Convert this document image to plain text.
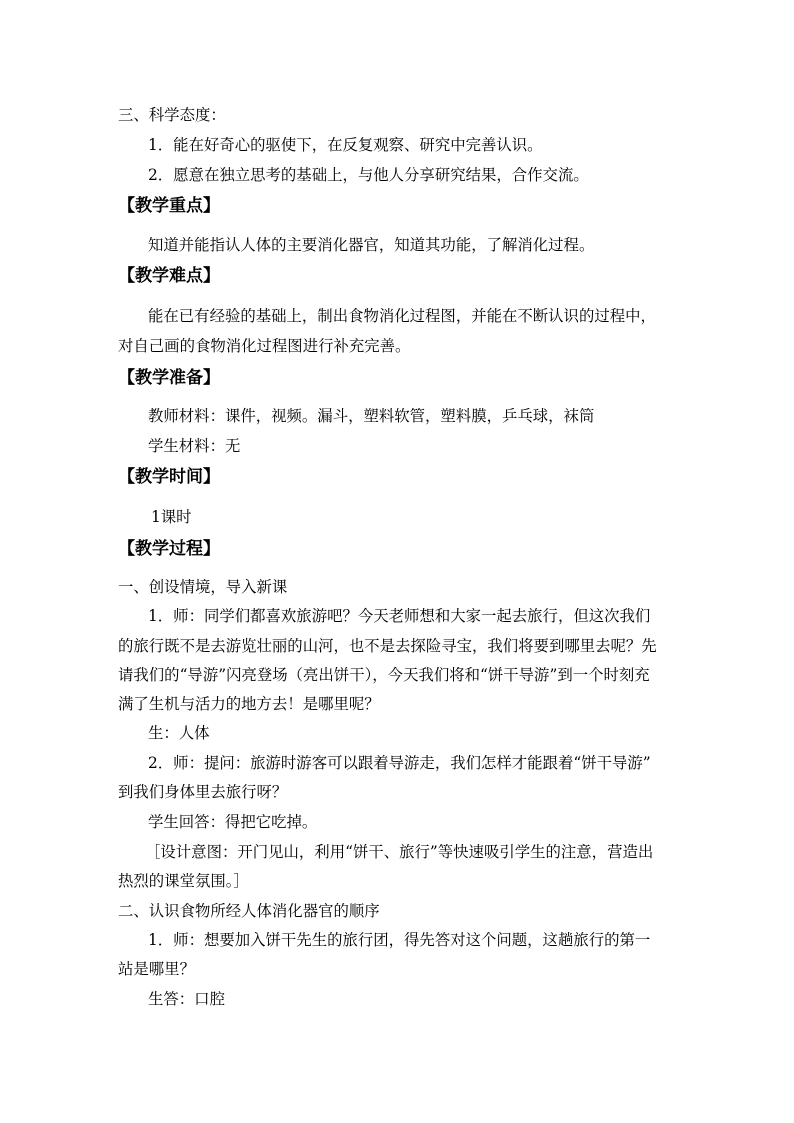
三、科学态度：
1．能在好奇心的驱使下，在反复观察、研究中完善认识。
2．愿意在独立思考的基础上，与他人分享研究结果，合作交流。
【教学重点】
知道并能指认人体的主要消化器官，知道其功能，了解消化过程。
【教学难点】
能在已有经验的基础上，制出食物消化过程图，并能在不断认识的过程中，
对自己画的食物消化过程图进行补充完善。
【教学准备】
教师材料：课件，视频。漏斗，塑料软管，塑料膜，乒乓球，袜筒
学生材料：无
【教学时间】
1课时
【教学过程】
一、创设情境，导入新课
1．师：同学们都喜欢旅游吧？今天老师想和大家一起去旅行，但这次我们
的旅行既不是去游览壮丽的山河，也不是去探险寻宝，我们将要到哪里去呢？先
请我们的“导游”闪亮登场（亮出饼干），今天我们将和“饼干导游”到一个时刻充
满了生机与活力的地方去！是哪里呢？
生：人体
2．师：提问：旅游时游客可以跟着导游走，我们怎样才能跟着“饼干导游”
到我们身体里去旅行呀？
学生回答：得把它吃掉。
［设计意图：开门见山，利用“饼干、旅行”等快速吸引学生的注意，营造出
热烈的课堂氛围。］
二、认识食物所经人体消化器官的顺序
1．师：想要加入饼干先生的旅行团，得先答对这个问题，这趟旅行的第一
站是哪里？
生答：口腔
